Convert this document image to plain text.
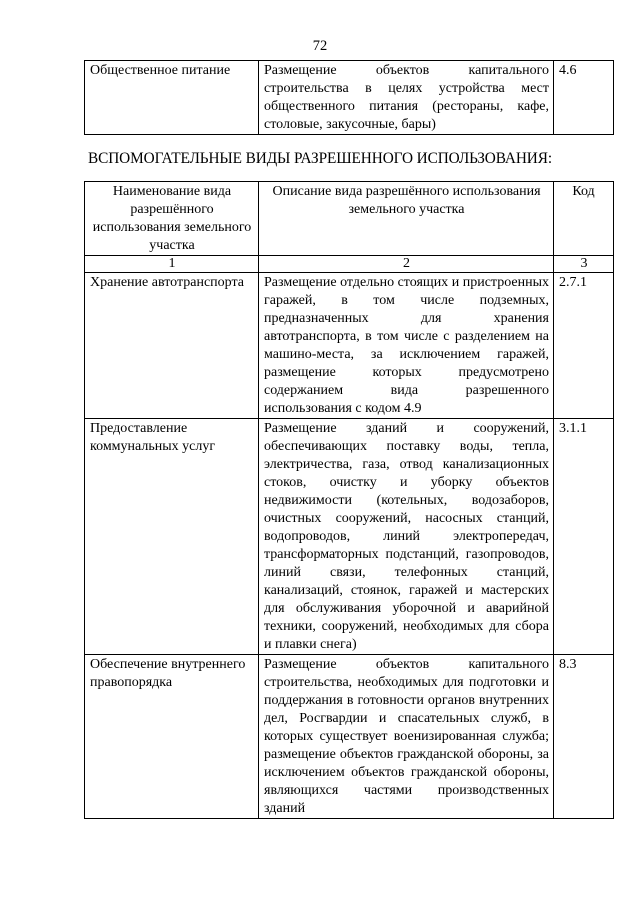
72
Общественное питание	Размещение объектов капитального строительства в целях устройства мест общественного питания (рестораны, кафе, столовые, закусочные, бары)	4.6
ВСПОМОГАТЕЛЬНЫЕ ВИДЫ РАЗРЕШЕННОГО ИСПОЛЬЗОВАНИЯ:
Наименование вида разрешённого использования земельного участка	Описание вида разрешённого использования земельного участка	Код
1	2	3
Хранение автотранспорта	Размещение отдельно стоящих и пристроенных гаражей, в том числе подземных, предназначенных для хранения автотранспорта, в том числе с разделением на машино-места, за исключением гаражей, размещение которых предусмотрено содержанием вида разрешенного использования с кодом 4.9	2.7.1
Предоставление коммунальных услуг	Размещение зданий и сооружений, обеспечивающих поставку воды, тепла, электричества, газа, отвод канализационных стоков, очистку и уборку объектов недвижимости (котельных, водозаборов, очистных сооружений, насосных станций, водопроводов, линий электропередач, трансформаторных подстанций, газопроводов, линий связи, телефонных станций, канализаций, стоянок, гаражей и мастерских для обслуживания уборочной и аварийной техники, сооружений, необходимых для сбора и плавки снега)	3.1.1
Обеспечение внутреннего правопорядка	Размещение объектов капитального строительства, необходимых для подготовки и поддержания в готовности органов внутренних дел, Росгвардии и спасательных служб, в которых существует военизированная служба; размещение объектов гражданской обороны, за исключением объектов гражданской обороны, являющихся частями производственных зданий	8.3
